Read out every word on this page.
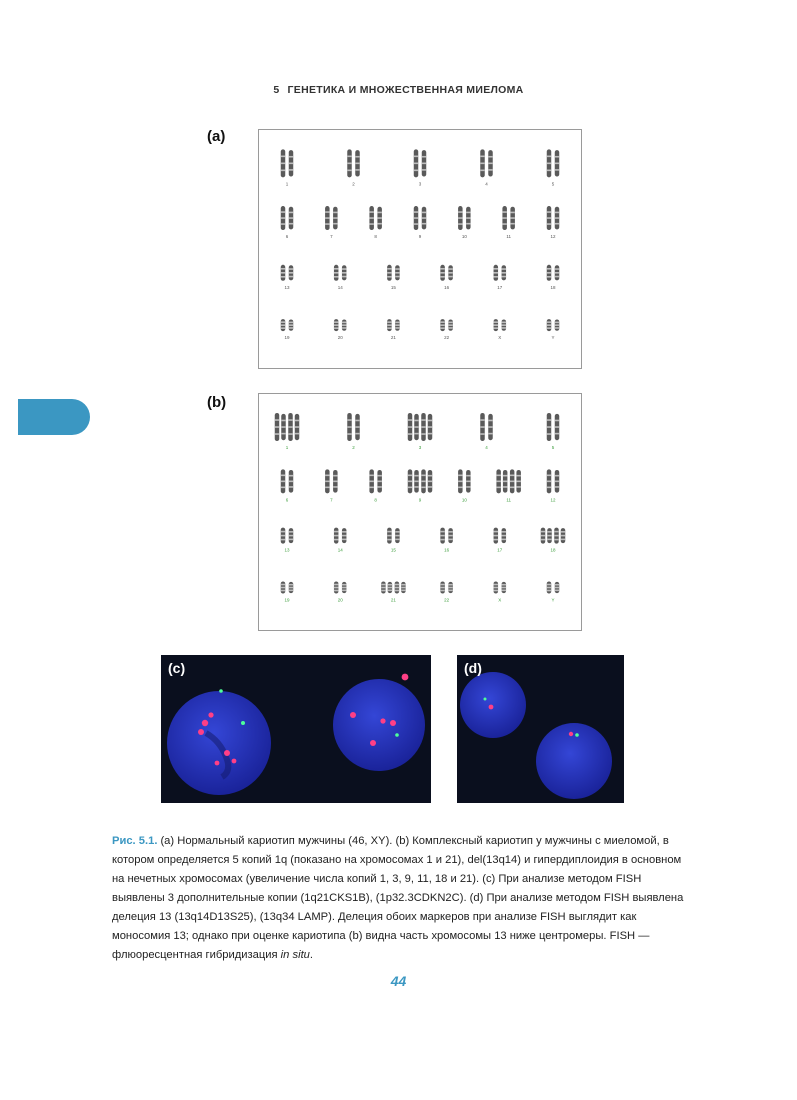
5 ГЕНЕТИКА И МНОЖЕСТВЕННАЯ МИЕЛОМА
(a)
1	2	3	4	5
6	7	8	9	10	11	12
13	14	15	16	17	18
19	20	21	22	X	Y
(b)
1	2	3	4	5
6	7	8	9	10	11	12
13	14	15	16	17	18
19	20	21	22	X	Y
(c)	(d)

Рис. 5.1. (a) Нормальный кариотип мужчины (46, XY). (b) Комплексный кариотип у мужчины с миеломой, в котором определяется 5 копий 1q (показано на хромосомах 1 и 21), del(13q14) и гипердиплоидия в основном на нечетных хромосомах (увеличение числа копий 1, 3, 9, 11, 18 и 21). (c) При анализе методом FISH выявлены 3 дополнительные копии (1q21CKS1B), (1p32.3CDKN2C). (d) При анализе методом FISH выявлена делеция 13 (13q14D13S25), (13q34 LAMP). Делеция обоих маркеров при анализе FISH выглядит как моносомия 13; однако при оценке кариотипа (b) видна часть хромосомы 13 ниже центромеры. FISH — флюоресцентная гибридизация in situ.

44
